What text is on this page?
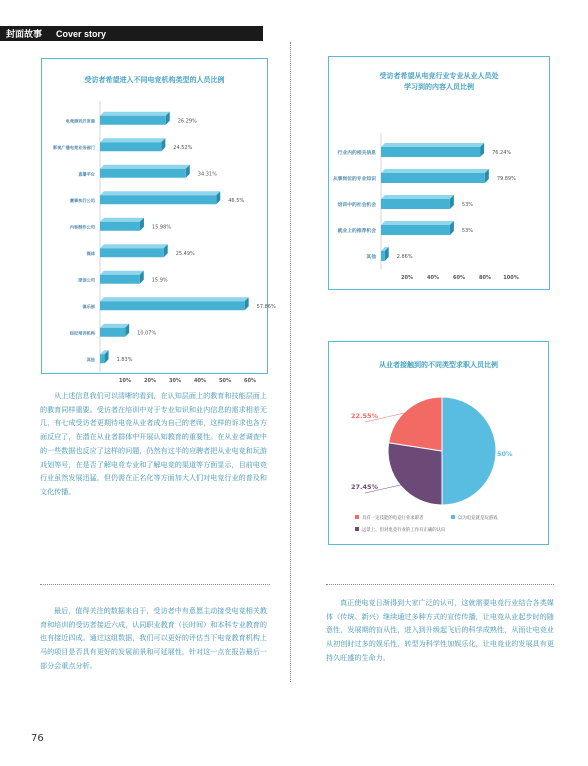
封面故事 Cover story
受访者希望进入不同电竞机构类型的人员比例
10%	20%	30%	40%	50%	60%
电竞游戏开发商	26.29%
影视广播电竞业务部门	24.52%
直播平台	34.31%
赛事执行公司	46.5%
内容制作公司	15.98%
媒体	25.49%
原创公司	15.9%
俱乐部	57.86%
经纪培训机构	10.07%
其他	1.83%
受访者希望从电竞行业专业从业人员处
学习到的内容人员比例
20%	40%	60%	80% 100%
行业内的相关信息	76.24%
从事岗位的专业知识	79.89%
培训中的社会机会	53%
就业上的推荐机会	53%
其他	2.86%
从业者接触到的不同类型求职人员比例
50%
27.45%
22.55%
具有一定技能的电竞行业求职者	以为电竞就是玩游戏
远景上、但对电竞行业的工作有正确的认识
从上述信息我们可以清晰的看到，在认知层面上的教育和技能层面上的教育同样重要。受访者在培训中对于专业知识和业内信息的需求相差无几，有七成受访者更期待电竞从业者成为自己的老师，这样的诉求也各方面反应了，在潜在从业者群体中开展认知教育的重要性。在从业者调查中的一些数据也反应了这样的问题，仍然有过半的应聘者把从业电竞和玩游戏划等号，在是否了解电竞专业和了解电竞的渠道等方面显示，目前电竞行业虽然发展迅猛，但仍需在正名化等方面加大人们对电竞行业的普及和文化传播。
最后，值得关注的数据来自于，受访者中有意愿主动接受电竞相关教育和培训的受访者接近六成，认同职业教育（长时间）和本科专业教育的也有接近四成。通过这组数据，我们可以更好的评估当下电竞教育机构上马的项目是否具有更好的发展前景和可延展性，针对这一点在报告最后一部分会重点分析。
真正使电竞日渐得到大家广泛的认可，这就需要电竞行业结合各类媒体（传统、新兴）继续通过多种方式的宣传传播，让电竞从业起步时的随意性，发展期的盲从性，进入到升级起飞后的科学成熟性，从而让电竞业从初创时过多的娱乐性，转型为科学性加娱乐化，让电竞业的发展具有更持久旺盛的生命力。
76
